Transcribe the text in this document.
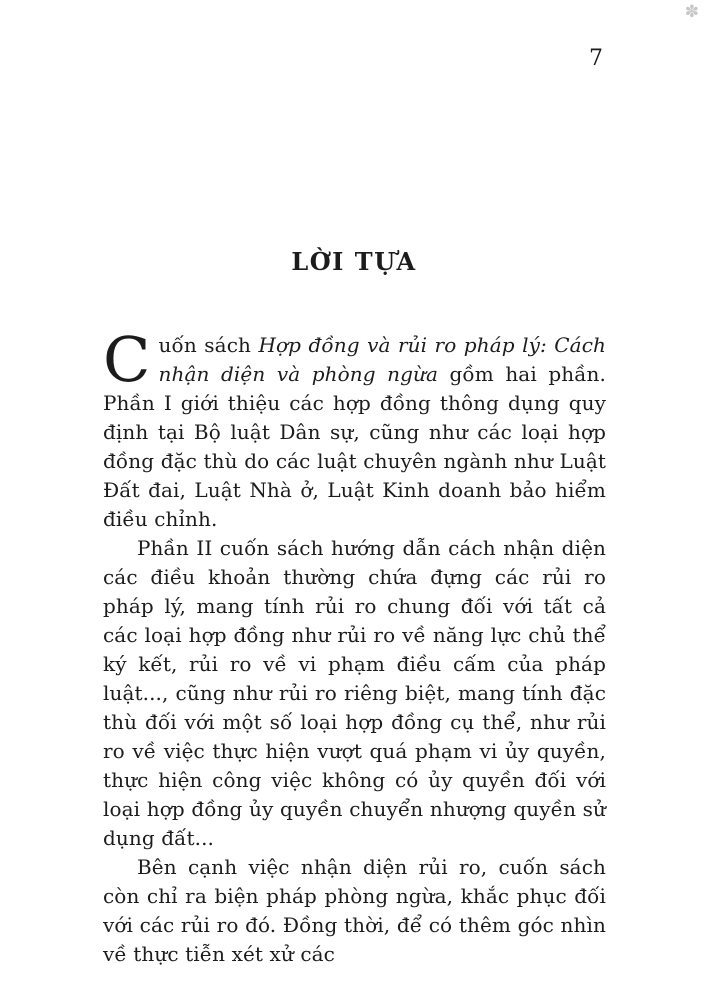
✽
7
LỜI TỰA

Cuốn sách Hợp đồng và rủi ro pháp lý: Cách nhận diện và phòng ngừa gồm hai phần. Phần I giới thiệu các hợp đồng thông dụng quy định tại Bộ luật Dân sự, cũng như các loại hợp đồng đặc thù do các luật chuyên ngành như Luật Đất đai, Luật Nhà ở, Luật Kinh doanh bảo hiểm điều chỉnh.

Phần II cuốn sách hướng dẫn cách nhận diện các điều khoản thường chứa đựng các rủi ro pháp lý, mang tính rủi ro chung đối với tất cả các loại hợp đồng như rủi ro về năng lực chủ thể ký kết, rủi ro về vi phạm điều cấm của pháp luật..., cũng như rủi ro riêng biệt, mang tính đặc thù đối với một số loại hợp đồng cụ thể, như rủi ro về việc thực hiện vượt quá phạm vi ủy quyền, thực hiện công việc không có ủy quyền đối với loại hợp đồng ủy quyền chuyển nhượng quyền sử dụng đất...

Bên cạnh việc nhận diện rủi ro, cuốn sách còn chỉ ra biện pháp phòng ngừa, khắc phục đối với các rủi ro đó. Đồng thời, để có thêm góc nhìn về thực tiễn xét xử các
